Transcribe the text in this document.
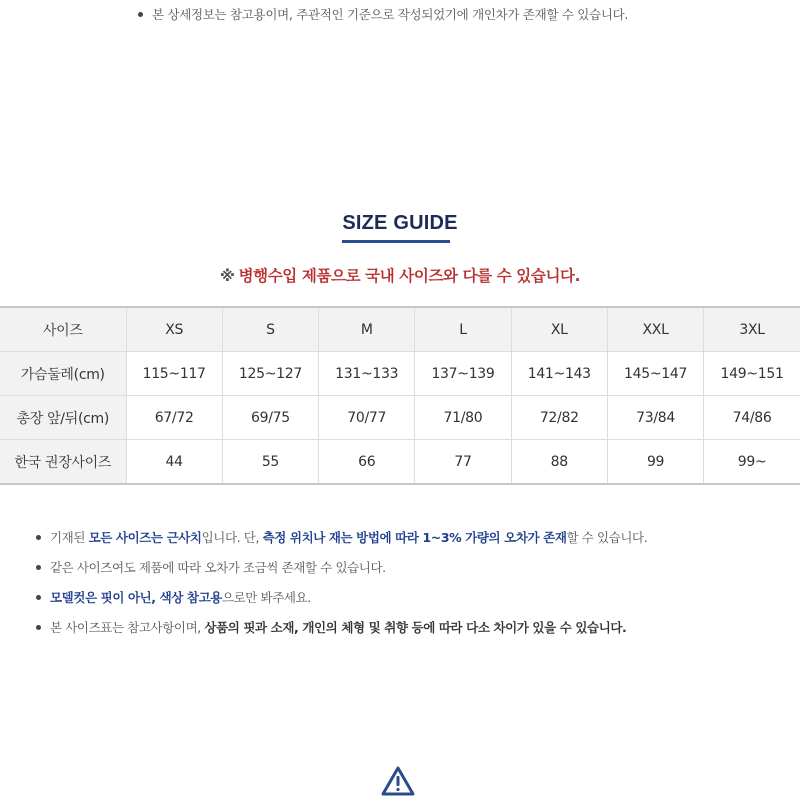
본 상세정보는 참고용이며, 주관적인 기준으로 작성되었기에 개인차가 존재할 수 있습니다.
SIZE GUIDE
※ 병행수입 제품으로 국내 사이즈와 다를 수 있습니다.
사이즈	XS	S	M	L	XL	XXL	3XL
가슴둘레(cm)	115~117	125~127	131~133	137~139	141~143	145~147	149~151
총장 앞/뒤(cm)	67/72	69/75	70/77	71/80	72/82	73/84	74/86
한국 권장사이즈	44	55	66	77	88	99	99~
기재된 모든 사이즈는 근사치입니다. 단, 측정 위치나 재는 방법에 따라 1~3% 가량의 오차가 존재할 수 있습니다.
같은 사이즈여도 제품에 따라 오차가 조금씩 존재할 수 있습니다.
모델컷은 핏이 아닌, 색상 참고용으로만 봐주세요.
본 사이즈표는 참고사항이며, 상품의 핏과 소재, 개인의 체형 및 취향 등에 따라 다소 차이가 있을 수 있습니다.
